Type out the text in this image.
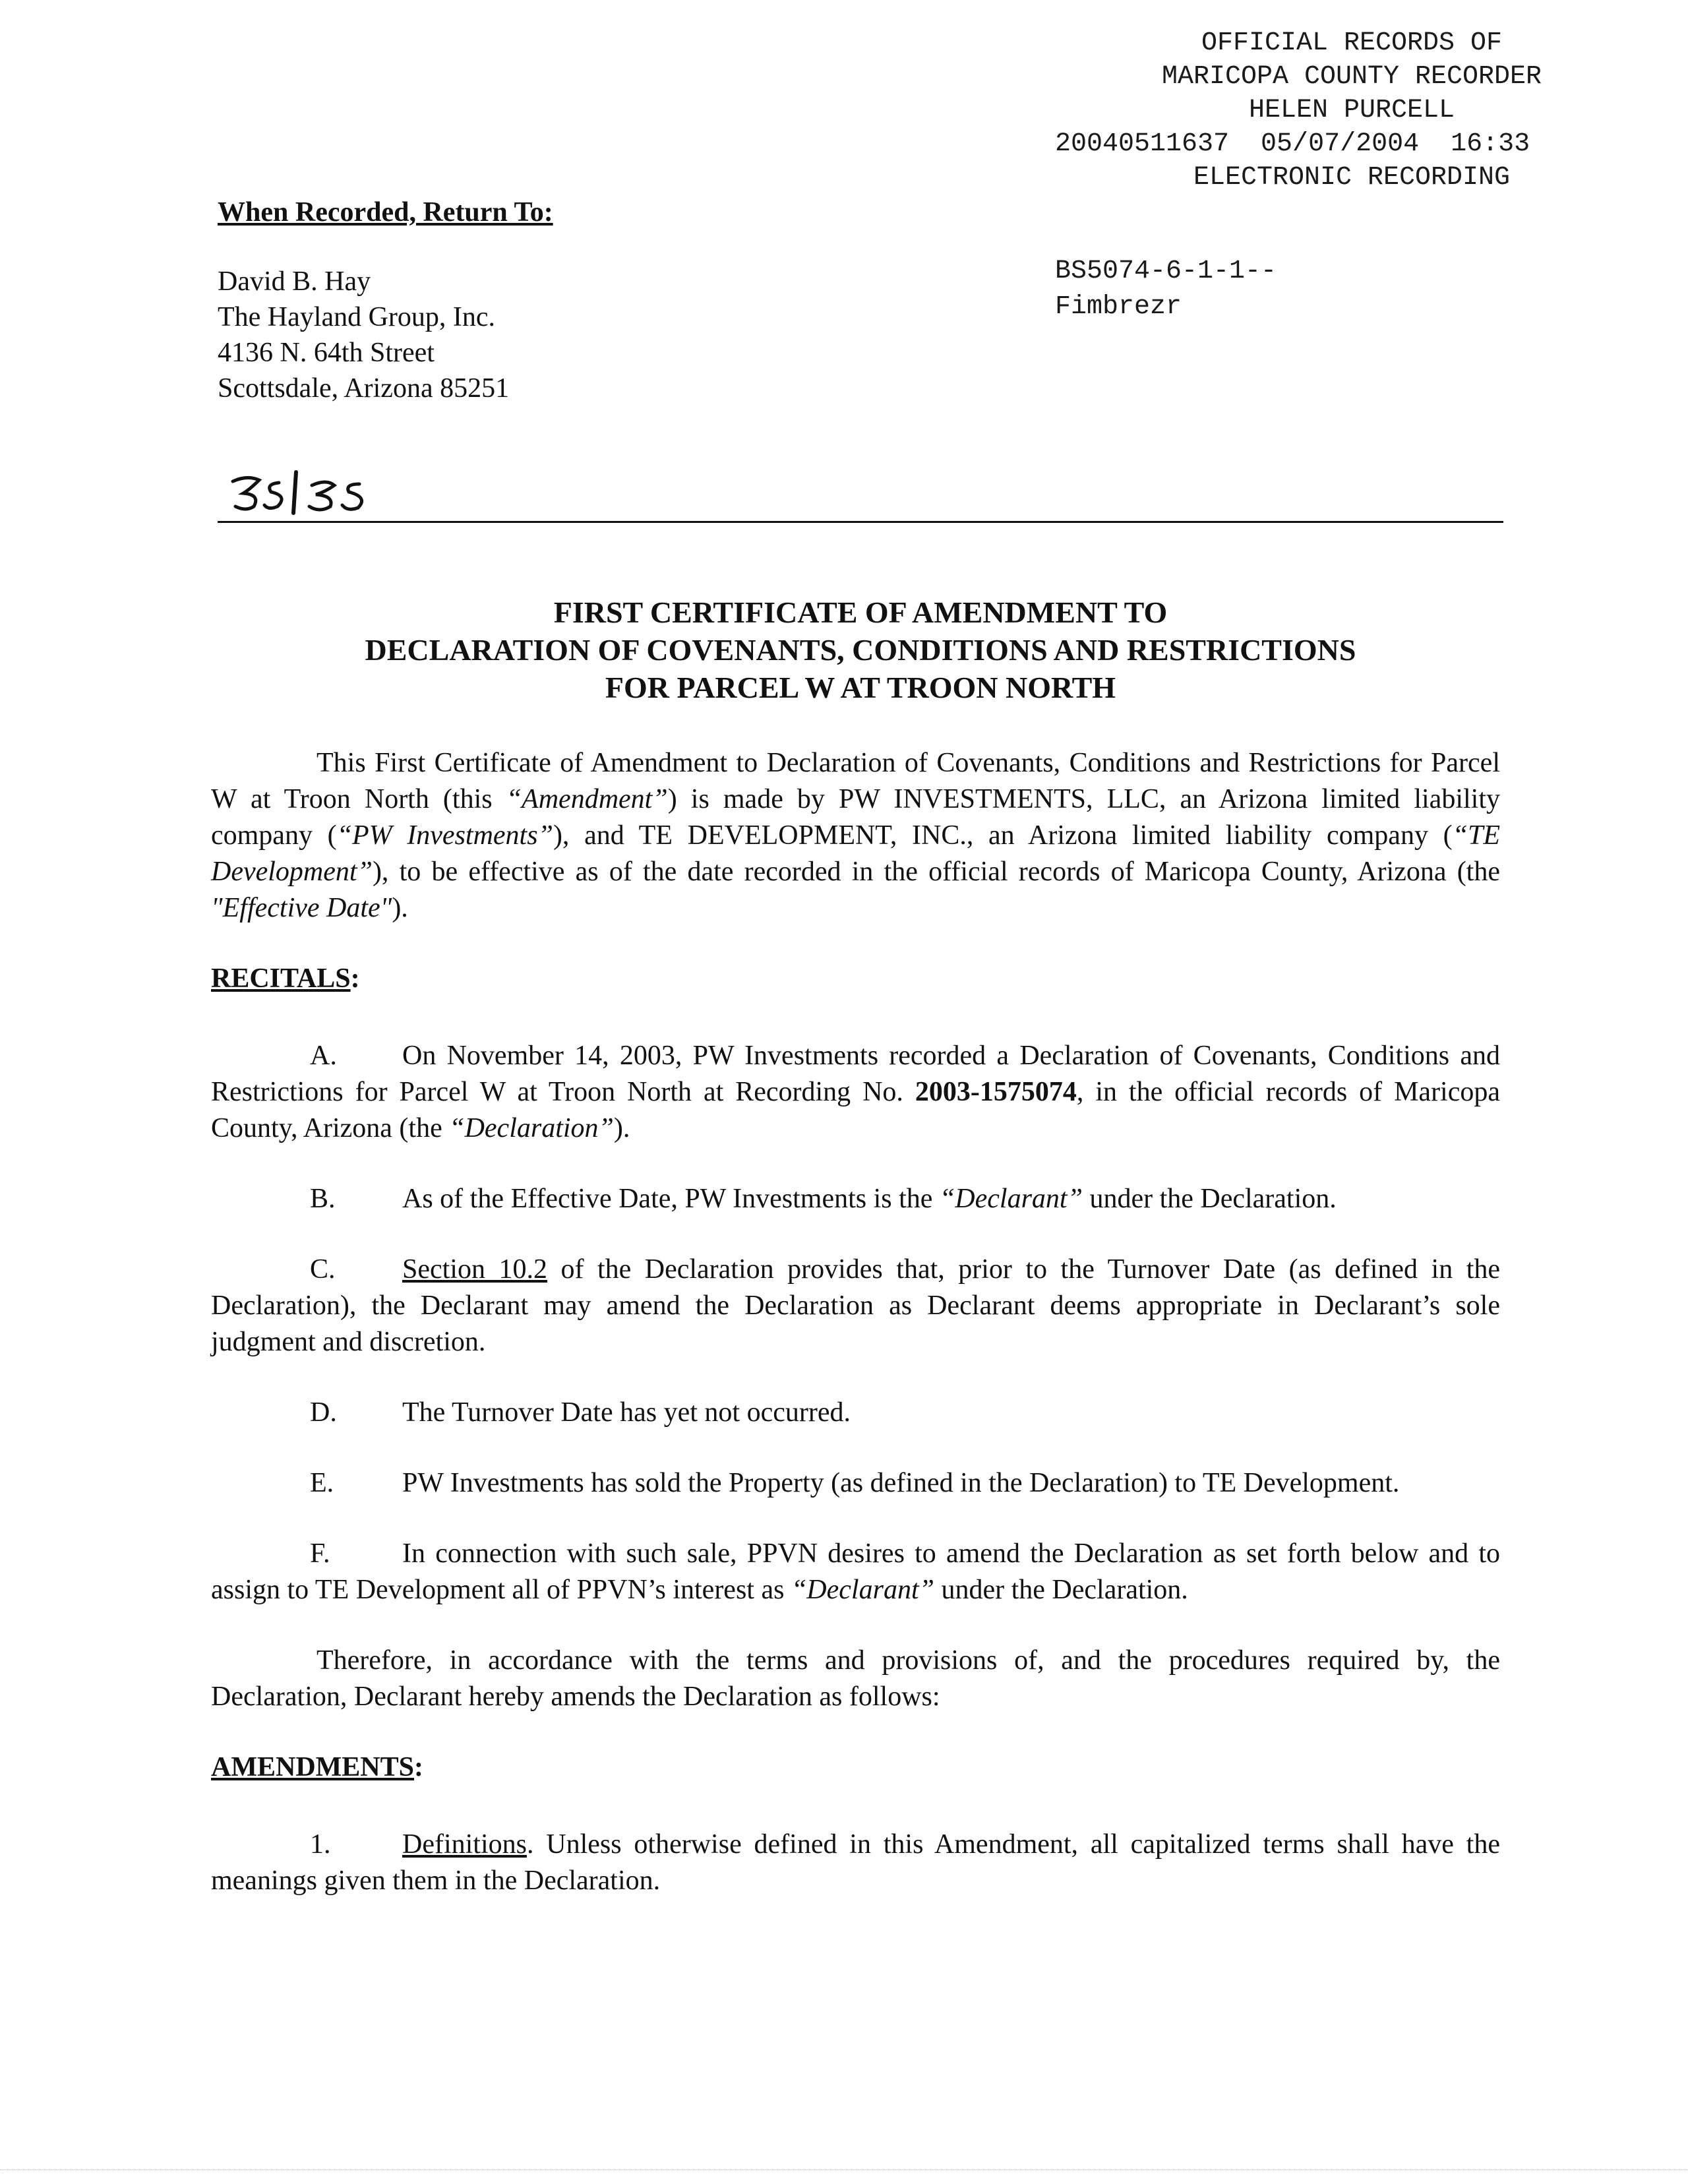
OFFICIAL RECORDS OF
MARICOPA COUNTY RECORDER
HELEN PURCELL
20040511637  05/07/2004  16:33
ELECTRONIC RECORDING
BS5074-6-1-1--
Fimbrezr
When Recorded, Return To:
David B. Hay
The Hayland Group, Inc.
4136 N. 64th Street
Scottsdale, Arizona 85251
FIRST CERTIFICATE OF AMENDMENT TO
DECLARATION OF COVENANTS, CONDITIONS AND RESTRICTIONS
FOR PARCEL W AT TROON NORTH

This First Certificate of Amendment to Declaration of Covenants, Conditions and Restrictions for Parcel W at Troon North (this “Amendment”) is made by PW INVESTMENTS, LLC, an Arizona limited liability company (“PW Investments”), and TE DEVELOPMENT, INC., an Arizona limited liability company (“TE Development”), to be effective as of the date recorded in the official records of Maricopa County, Arizona (the "Effective Date").

RECITALS:

A. On November 14, 2003, PW Investments recorded a Declaration of Covenants, Conditions and Restrictions for Parcel W at Troon North at Recording No. 2003-1575074, in the official records of Maricopa County, Arizona (the “Declaration”).

B. As of the Effective Date, PW Investments is the “Declarant” under the Declaration.

C. Section 10.2 of the Declaration provides that, prior to the Turnover Date (as defined in the Declaration), the Declarant may amend the Declaration as Declarant deems appropriate in Declarant’s sole judgment and discretion.

D. The Turnover Date has yet not occurred.

E. PW Investments has sold the Property (as defined in the Declaration) to TE Development.

F.	In connection with such sale, PPVN desires to amend the Declaration as set forth below and to assign to TE Development all of PPVN’s interest as “Declarant” under the Declaration.

Therefore, in accordance with the terms and provisions of, and the procedures required by, the Declaration, Declarant hereby amends the Declaration as follows:

AMENDMENTS:

1.	Definitions. Unless otherwise defined in this Amendment, all capitalized terms shall have the meanings given them in the Declaration.
